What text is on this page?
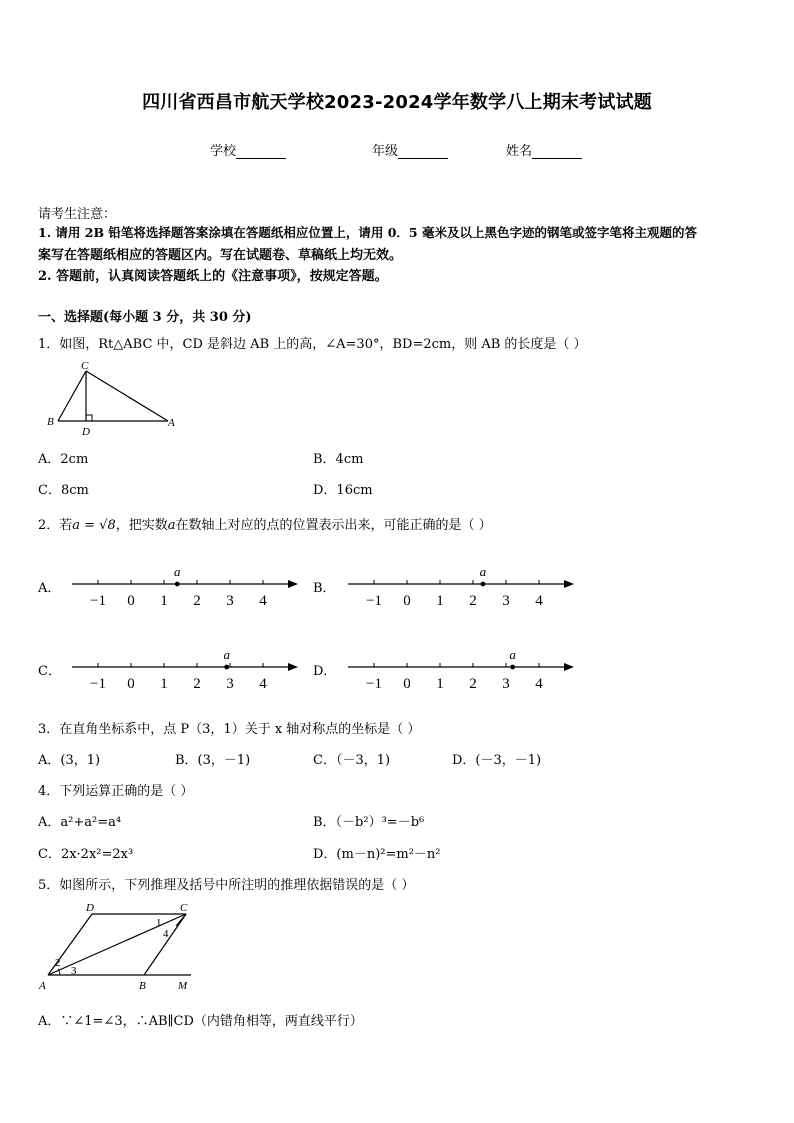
四川省西昌市航天学校2023-2024学年数学八上期末考试试题
学校	年级	姓名
请考生注意：
1. 请用 2B 铅笔将选择题答案涂填在答题纸相应位置上，请用 0．5 毫米及以上黑色字迹的钢笔或签字笔将主观题的答
案写在答题纸相应的答题区内。写在试题卷、草稿纸上均无效。
2. 答题前，认真阅读答题纸上的《注意事项》，按规定答题。
一、选择题(每小题 3 分，共 30 分)
1．如图，Rt△ABC 中，CD 是斜边 AB 上的高，∠A=30°，BD=2cm，则 AB 的长度是（ ）
C
B
D
A
A．2cm	B．4cm
C．8cm	D．16cm
2．若a = √8，把实数a在数轴上对应的点的位置表示出来，可能正确的是（ ）
A．
−1 0 1 2 3 4
a
B．
−1 0 1 2 3 4
a
C．
−1 0 1 2 3 4
a
D．
−1 0 1 2 3 4
a
3．在直角坐标系中，点 P（3，1）关于 x 轴对称点的坐标是（ ）
A．(3，1)	B．(3，－1)	C．（－3，1)	D．(－3，－1)
4．下列运算正确的是（ ）
A．a²+a²=a⁴	B．（－b²）³=－b⁶
C．2x·2x²=2x³	D．(m－n)²=m²－n²
5．如图所示，下列推理及括号中所注明的推理依据错误的是（ ）
D	C
1
4
2
3
A	B	M
A．∵∠1=∠3，∴AB∥CD（内错角相等，两直线平行）
